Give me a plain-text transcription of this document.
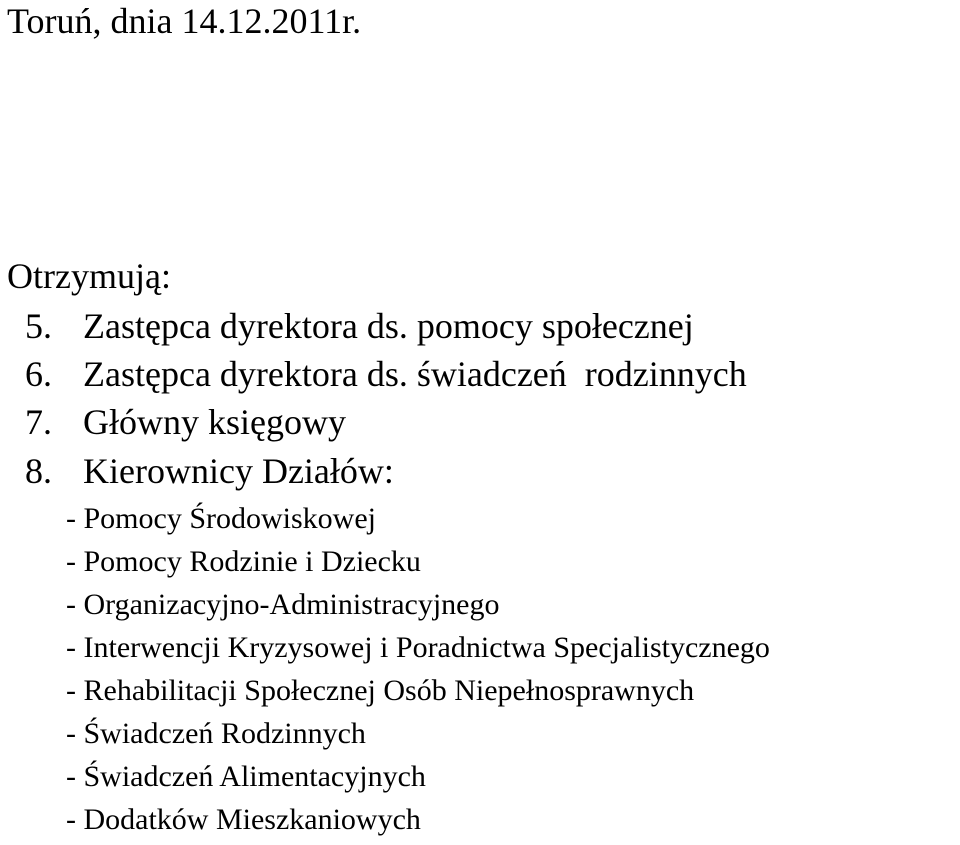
Toruń, dnia 14.12.2011r.
Otrzymują:
5. Zastępca dyrektora ds. pomocy społecznej
6. Zastępca dyrektora ds. świadczeń  rodzinnych
7. Główny księgowy
8. Kierownicy Działów:
- Pomocy Środowiskowej
- Pomocy Rodzinie i Dziecku
- Organizacyjno-Administracyjnego
- Interwencji Kryzysowej i Poradnictwa Specjalistycznego
- Rehabilitacji Społecznej Osób Niepełnosprawnych
- Świadczeń Rodzinnych
- Świadczeń Alimentacyjnych
- Dodatków Mieszkaniowych
